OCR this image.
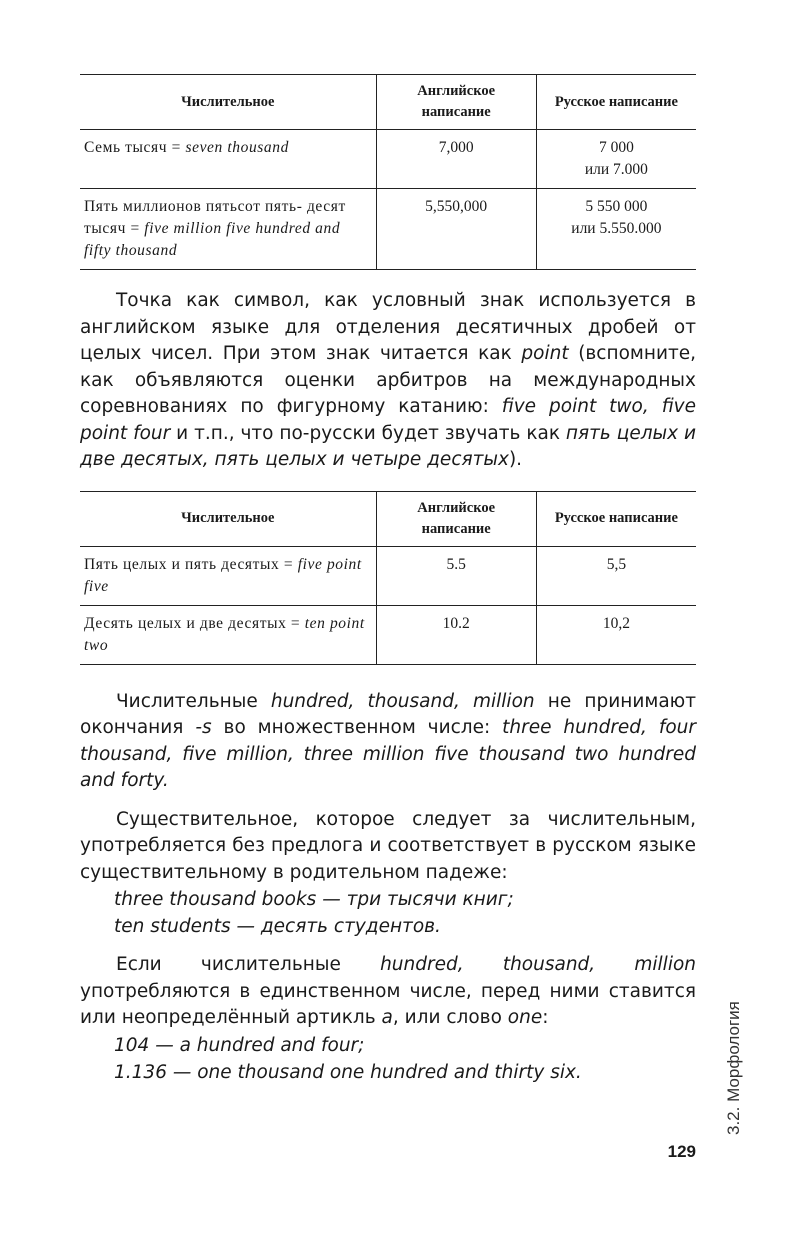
Числительное	Английское написание	Русское написание
Семь тысяч = seven thousand	7,000	7 000
или 7.000
Пять миллионов пятьсот пять- десят тысяч = five million five hundred and fifty thousand	5,550,000	5 550 000
или 5.550.000

Точка как символ, как условный знак используется в английском языке для отделения десятичных дробей от целых чисел. При этом знак читается как point (вспомните, как объявляются оценки арбитров на международных соревнованиях по фигурному катанию: five point two, five point four и т.п., что по-русски будет звучать как пять целых и две десятых, пять целых и четыре десятых).

Числительное	Английское написание	Русское написание
Пять целых и пять десятых = five point five	5.5	5,5
Десять целых и две десятых = ten point two	10.2	10,2

Числительные hundred, thousand, million не принимают окончания -s во множественном числе: three hundred, four thousand, five million, three million five thousand two hundred and forty.

Существительное, которое следует за числительным, употребляется без предлога и соответствует в русском языке существительному в родительном падеже:

three thousand books — три тысячи книг;

ten students — десять студентов.

Если числительные hundred, thousand, million употребляются в единственном числе, перед ними ставится или неопределённый артикль a, или слово one:

104 — a hundred and four;

1.136 — one thousand one hundred and thirty six.

129
3.2. Морфология
